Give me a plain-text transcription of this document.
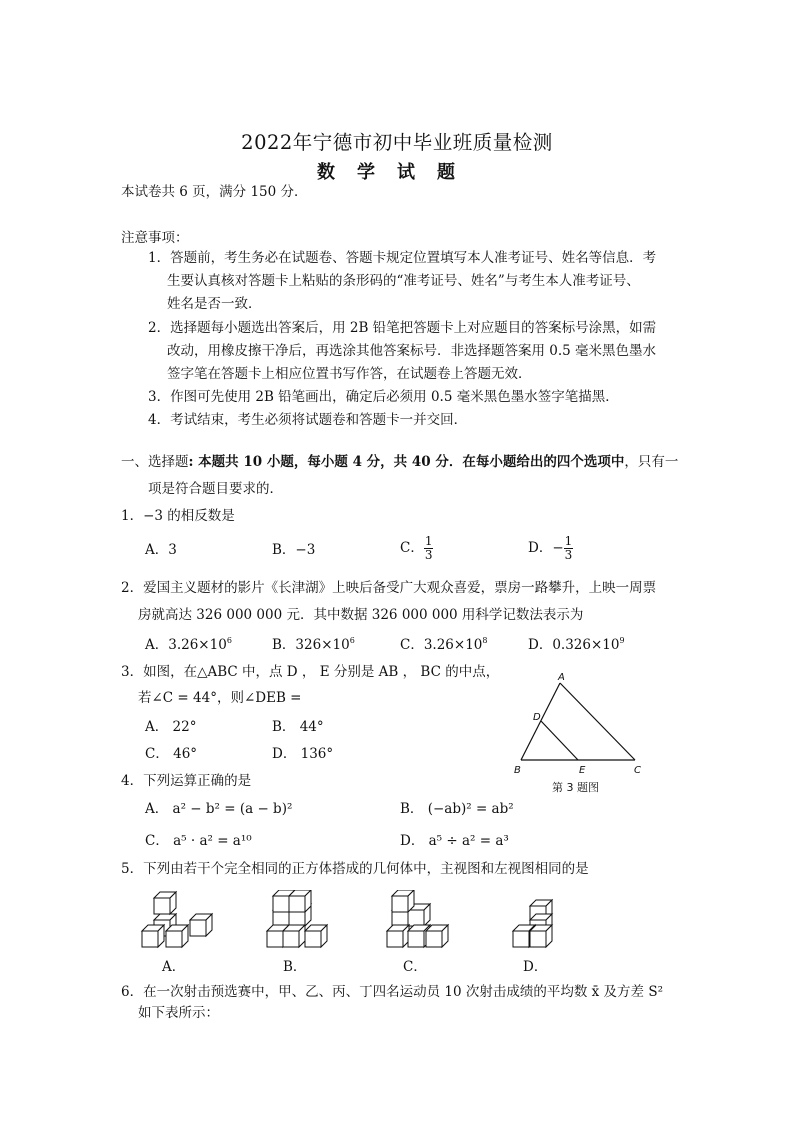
2022年宁德市初中毕业班质量检测
数学试题
本试卷共 6 页，满分 150 分．
注意事项：
1．答题前，考生务必在试题卷、答题卡规定位置填写本人准考证号、姓名等信息．考
生要认真核对答题卡上粘贴的条形码的“准考证号、姓名”与考生本人准考证号、
姓名是否一致．
2．选择题每小题选出答案后，用 2B 铅笔把答题卡上对应题目的答案标号涂黑，如需
改动，用橡皮擦干净后，再选涂其他答案标号．非选择题答案用 0.5 毫米黑色墨水
签字笔在答题卡上相应位置书写作答，在试题卷上答题无效．
3．作图可先使用 2B 铅笔画出，确定后必须用 0.5 毫米黑色墨水签字笔描黑．
4．考试结束，考生必须将试题卷和答题卡一并交回．
一、选择题: 本题共 10 小题，每小题 4 分，共 40 分．在每小题给出的四个选项中，只有一
项是符合题目要求的．
1．−3 的相反数是
A．3	B．−3	C． $\frac{1}{3}$	D．− $\frac{1}{3}$
2．爱国主义题材的影片《长津湖》上映后备受广大观众喜爱，票房一路攀升，上映一周票
房就高达 326 000 000 元．其中数据 326 000 000 用科学记数法表示为
A．$3.26\times 10^6$	B．$326\times 10^6$	C．$3.26\times 10^8$	D．$0.326\times 10^9$
3．如图，在△ABC 中，点 D ， E 分别是 AB ， BC 的中点，
若∠C = 44°，则∠DEB =
A． 22°	B． 44°
C． 46°	D． 136°
A
D
B	E	C
第 3 题图
4．下列运算正确的是
A． a² − b² = (a − b)²	B． (−ab)² = ab²
C． a⁵ · a² = a¹⁰	D． a⁵ ÷ a² = a³
5．下列由若干个完全相同的正方体搭成的几何体中，主视图和左视图相同的是
A．	B．	C．	D．
6．在一次射击预选赛中，甲、乙、丙、丁四名运动员 10 次射击成绩的平均数 x̄ 及方差 S²
如下表所示：
